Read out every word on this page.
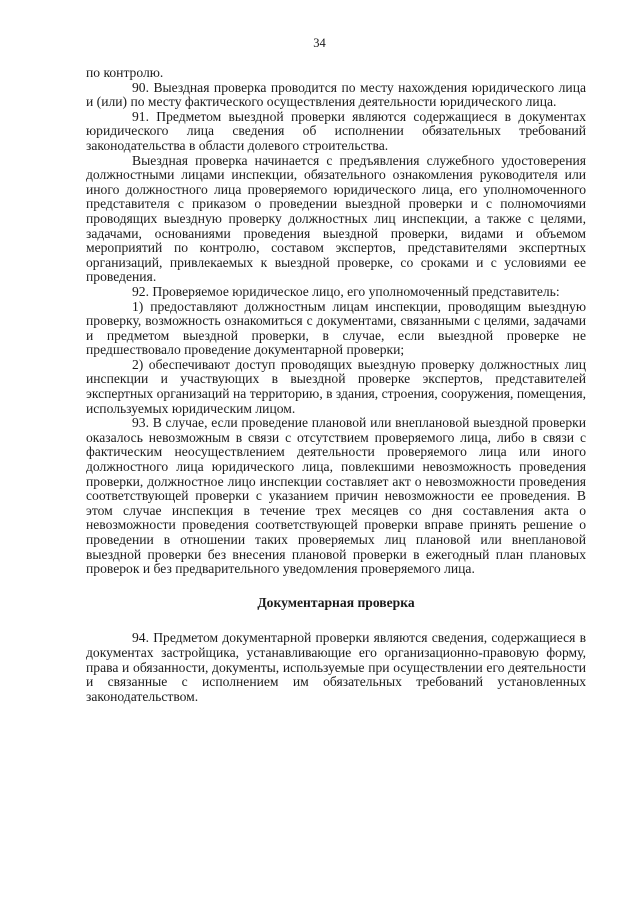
34

по контролю.

90. Выездная проверка проводится по месту нахождения юридического лица и (или) по месту фактического осуществления деятельности юридического лица.

91. Предметом выездной проверки являются содержащиеся в документах юридического лица сведения об исполнении обязательных требований законодательства в области долевого строительства.

Выездная проверка начинается с предъявления служебного удостоверения должностными лицами инспекции, обязательного ознакомления руководителя или иного должностного лица проверяемого юридического лица, его уполномоченного представителя с приказом о проведении выездной проверки и с полномочиями проводящих выездную проверку должностных лиц инспекции, а также с целями, задачами, основаниями проведения выездной проверки, видами и объемом мероприятий по контролю, составом экспертов, представителями экспертных организаций, привлекаемых к выездной проверке, со сроками и с условиями ее проведения.

92. Проверяемое юридическое лицо, его уполномоченный представитель:

1) предоставляют должностным лицам инспекции, проводящим выездную проверку, возможность ознакомиться с документами, связанными с целями, задачами и предметом выездной проверки, в случае, если выездной проверке не предшествовало проведение документарной проверки;

2) обеспечивают доступ проводящих выездную проверку должностных лиц инспекции и участвующих в выездной проверке экспертов, представителей экспертных организаций на территорию, в здания, строения, сооружения, помещения, используемых юридическим лицом.

93. В случае, если проведение плановой или внеплановой выездной проверки оказалось невозможным в связи с отсутствием проверяемого лица, либо в связи с фактическим неосуществлением деятельности проверяемого лица или иного должностного лица юридического лица, повлекшими невозможность проведения проверки, должностное лицо инспекции составляет акт о невозможности проведения соответствующей проверки с указанием причин невозможности ее проведения. В этом случае инспекция в течение трех месяцев со дня составления акта о невозможности проведения соответствующей проверки вправе принять решение о проведении в отношении таких проверяемых лиц плановой или внеплановой выездной проверки без внесения плановой проверки в ежегодный план плановых проверок и без предварительного уведомления проверяемого лица.

Документарная проверка

94. Предметом документарной проверки являются сведения, содержащиеся в документах застройщика, устанавливающие его организационно-правовую форму, права и обязанности, документы, используемые при осуществлении его деятельности и связанные с исполнением им обязательных требований установленных законодательством.
